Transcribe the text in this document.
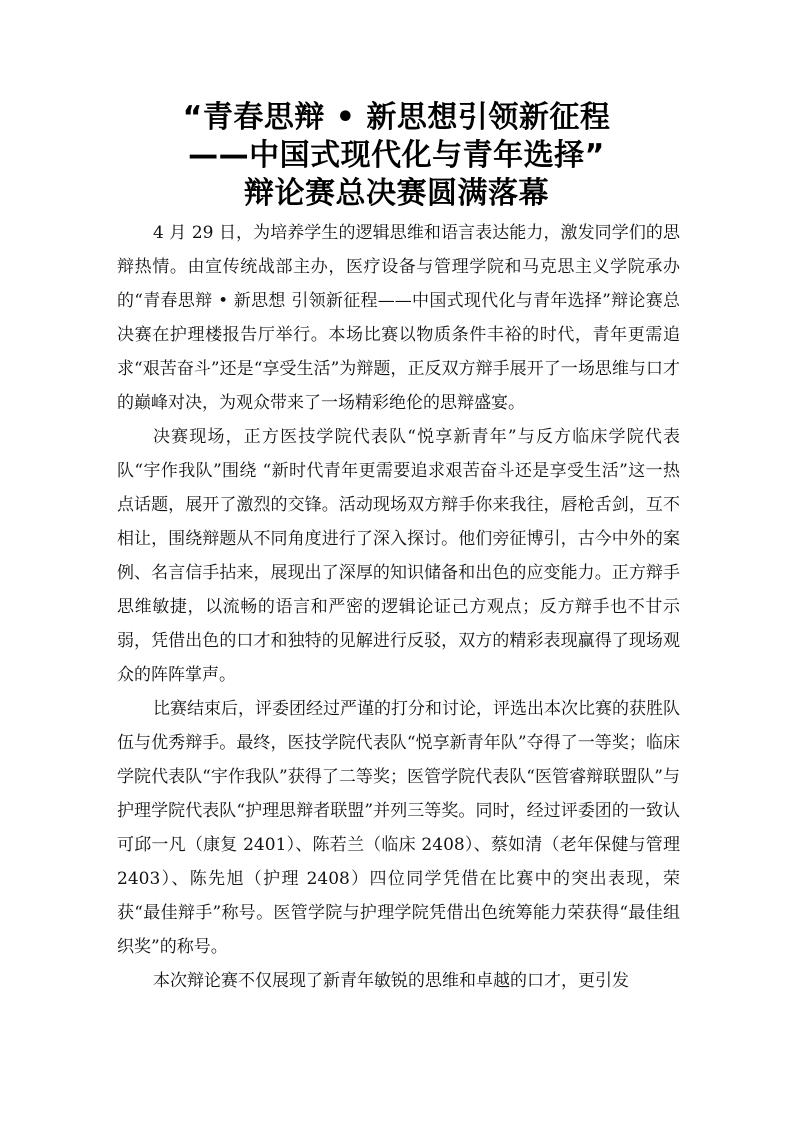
“青春思辩 • 新思想引领新征程
——中国式现代化与青年选择”
辩论赛总决赛圆满落幕

4 月 29 日，为培养学生的逻辑思维和语言表达能力，激发同学们的思辩热情。由宣传统战部主办，医疗设备与管理学院和马克思主义学院承办的“青春思辩 • 新思想 引领新征程——中国式现代化与青年选择”辩论赛总决赛在护理楼报告厅举行。本场比赛以物质条件丰裕的时代，青年更需追求“艰苦奋斗”还是“享受生活”为辩题，正反双方辩手展开了一场思维与口才的巅峰对决，为观众带来了一场精彩绝伦的思辩盛宴。

决赛现场，正方医技学院代表队“悦享新青年”与反方临床学院代表队“宇作我队”围绕 “新时代青年更需要追求艰苦奋斗还是享受生活”这一热点话题，展开了激烈的交锋。活动现场双方辩手你来我往，唇枪舌剑，互不相让，围绕辩题从不同角度进行了深入探讨。他们旁征博引，古今中外的案例、名言信手拈来，展现出了深厚的知识储备和出色的应变能力。正方辩手思维敏捷，以流畅的语言和严密的逻辑论证己方观点；反方辩手也不甘示弱，凭借出色的口才和独特的见解进行反驳，双方的精彩表现赢得了现场观众的阵阵掌声。

比赛结束后，评委团经过严谨的打分和讨论，评选出本次比赛的获胜队伍与优秀辩手。最终，医技学院代表队“悦享新青年队”夺得了一等奖；临床学院代表队“宇作我队”获得了二等奖；医管学院代表队“医管睿辩联盟队”与护理学院代表队“护理思辩者联盟”并列三等奖。同时，经过评委团的一致认可邱一凡（康复 2401）、陈若兰（临床 2408）、蔡如清（老年保健与管理 2403）、陈先旭（护理 2408）四位同学凭借在比赛中的突出表现，荣获“最佳辩手”称号。医管学院与护理学院凭借出色统筹能力荣获得“最佳组织奖”的称号。

本次辩论赛不仅展现了新青年敏锐的思维和卓越的口才，更引发
